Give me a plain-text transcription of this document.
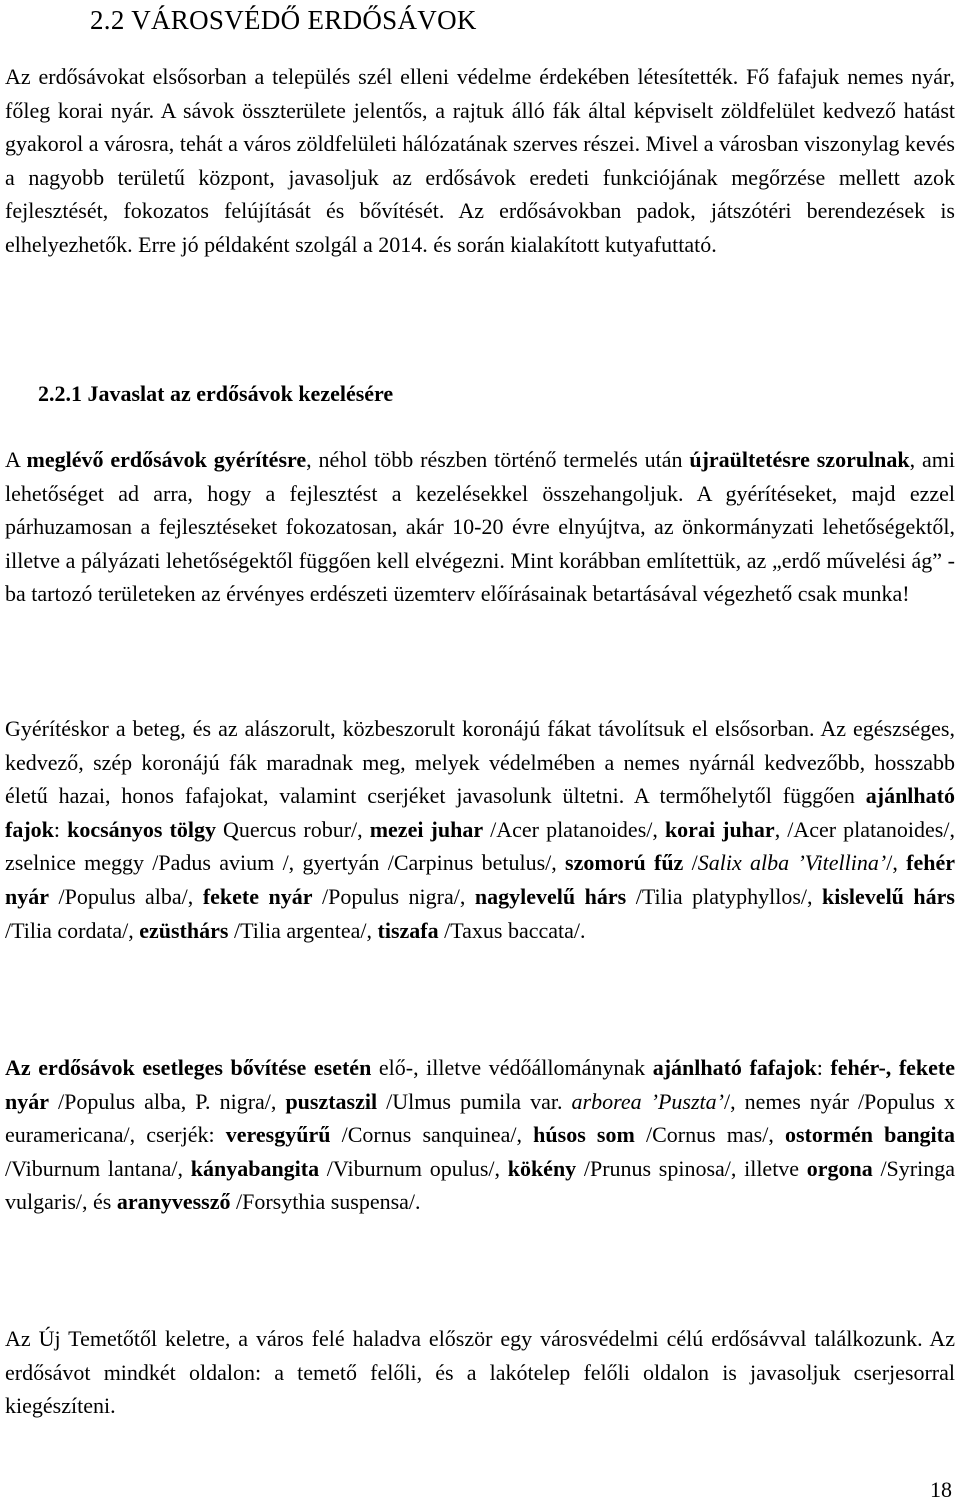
2.2 VÁROSVÉDŐ ERDŐSÁVOK

Az erdősávokat elsősorban a település szél elleni védelme érdekében létesítették. Fő fafajuk nemes nyár, főleg korai nyár. A sávok összterülete jelentős, a rajtuk álló fák által képviselt zöldfelület kedvező hatást gyakorol a városra, tehát a város zöldfelületi hálózatának szerves részei. Mivel a városban viszonylag kevés a nagyobb területű központ, javasoljuk az erdősávok eredeti funkciójának megőrzése mellett azok fejlesztését, fokozatos felújítását és bővítését. Az erdősávokban padok, játszótéri berendezések is elhelyezhetők. Erre jó példaként szolgál a 2014. és során kialakított kutyafuttató.

2.2.1 Javaslat az erdősávok kezelésére

A meglévő erdősávok gyérítésre, néhol több részben történő termelés után újraültetésre szorulnak, ami lehetőséget ad arra, hogy a fejlesztést a kezelésekkel összehangoljuk. A gyérítéseket, majd ezzel párhuzamosan a fejlesztéseket fokozatosan, akár 10-20 évre elnyújtva, az önkormányzati lehetőségektől, illetve a pályázati lehetőségektől függően kell elvégezni. Mint korábban említettük, az „erdő művelési ág” -ba tartozó területeken az érvényes erdészeti üzemterv előírásainak betartásával végezhető csak munka!

Gyérítéskor a beteg, és az alászorult, közbeszorult koronájú fákat távolítsuk el elsősorban. Az egészséges, kedvező, szép koronájú fák maradnak meg, melyek védelmében a nemes nyárnál kedvezőbb, hosszabb életű hazai, honos fafajokat, valamint cserjéket javasolunk ültetni. A termőhelytől függően ajánlható fajok: kocsányos tölgy Quercus robur/, mezei juhar /Acer platanoides/, korai juhar, /Acer platanoides/, zselnice meggy /Padus avium /, gyertyán /Carpinus betulus/, szomorú fűz /Salix alba ’Vitellina’/, fehér nyár /Populus alba/, fekete nyár /Populus nigra/, nagylevelű hárs /Tilia platyphyllos/, kislevelű hárs /Tilia cordata/, ezüsthárs /Tilia argentea/, tiszafa /Taxus baccata/.

Az erdősávok esetleges bővítése esetén elő-, illetve védőállománynak ajánlható fafajok: fehér-, fekete nyár /Populus alba, P. nigra/, pusztaszil /Ulmus pumila var. arborea ’Puszta’/, nemes nyár /Populus x euramericana/, cserjék: veresgyűrű /Cornus sanquinea/, húsos som /Cornus mas/, ostormén bangita /Viburnum lantana/, kányabangita /Viburnum opulus/, kökény /Prunus spinosa/, illetve orgona /Syringa vulgaris/, és aranyvessző /Forsythia suspensa/.

Az Új Temetőtől keletre, a város felé haladva először egy városvédelmi célú erdősávval találkozunk. Az erdősávot mindkét oldalon: a temető felőli, és a lakótelep felőli oldalon is javasoljuk cserjesorral kiegészíteni.

18
